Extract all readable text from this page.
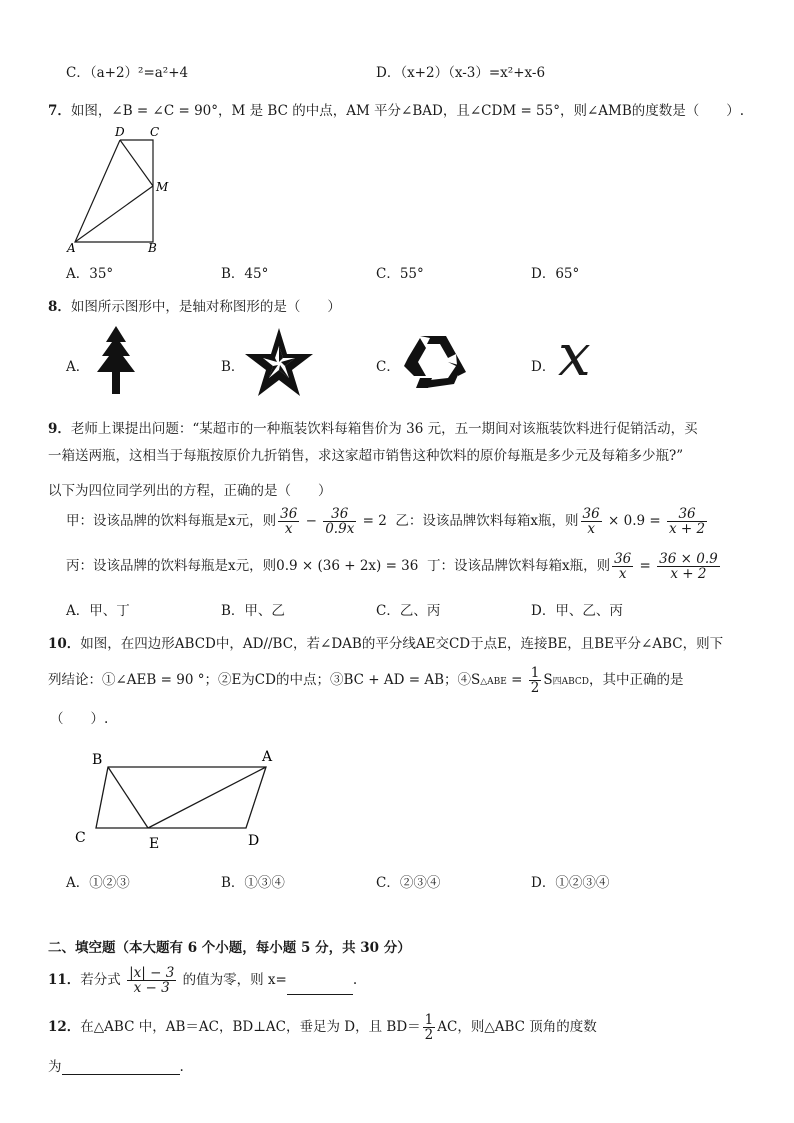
C．（a+2）²=a²+4	D．（x+2）（x-3）=x²+x-6
7．如图，∠B = ∠C = 90°，M 是 BC 的中点，AM 平分∠BAD，且∠CDM = 55°，则∠AMB的度数是（　　）.
D C
M
A	B
A．35°	B．45°	C．55°	D．65°
8．如图所示图形中，是轴对称图形的是（　　）
A．	B．	C．	D． x
9．老师上课提出问题：“某超市的一种瓶装饮料每箱售价为 36 元，五一期间对该瓶装饮料进行促销活动，买
一箱送两瓶，这相当于每瓶按原价九折销售，求这家超市销售这种饮料的原价每瓶是多少元及每箱多少瓶?”
以下为四位同学列出的方程，正确的是（　　）
甲：设该品牌的饮料每瓶是x元，则 $\frac{36}{x} - \frac{36}{0.9x} = 2$ 乙：设该品牌饮料每箱x瓶，则 $\frac{36}{x} \times 0.9 = \frac{36}{x + 2}$
丙：设该品牌的饮料每瓶是x元，则0.9 × (36 + 2x) = 36 丁：设该品牌饮料每箱x瓶，则 $\frac{36}{x} = \frac{36 \times 0.9}{x + 2}$
A．甲、丁	B．甲、乙	C．乙、丙	D．甲、乙、丙
10．如图，在四边形ABCD中，AD//BC，若∠DAB的平分线AE交CD于点E，连接BE，且BE平分∠ABC，则下
列结论：①∠AEB = 90 °；②E为CD的中点；③BC + AD = AB；④S△ABE = $\frac{1}{2}$ S四ABCD，其中正确的是
（　　）.
B	A
C	E	D
A．①②③	B．①③④	C．②③④	D．①②③④
二、填空题（本大题有 6 个小题，每小题 5 分，共 30 分）
11．若分式 $\frac{|x| - 3}{x - 3}$ 的值为零，则 x=	.
12．在△ABC 中，AB＝AC，BD⊥AC，垂足为 D，且 $BD= \frac{1}{2}$ AC，则△ABC 顶角的度数
为	.
